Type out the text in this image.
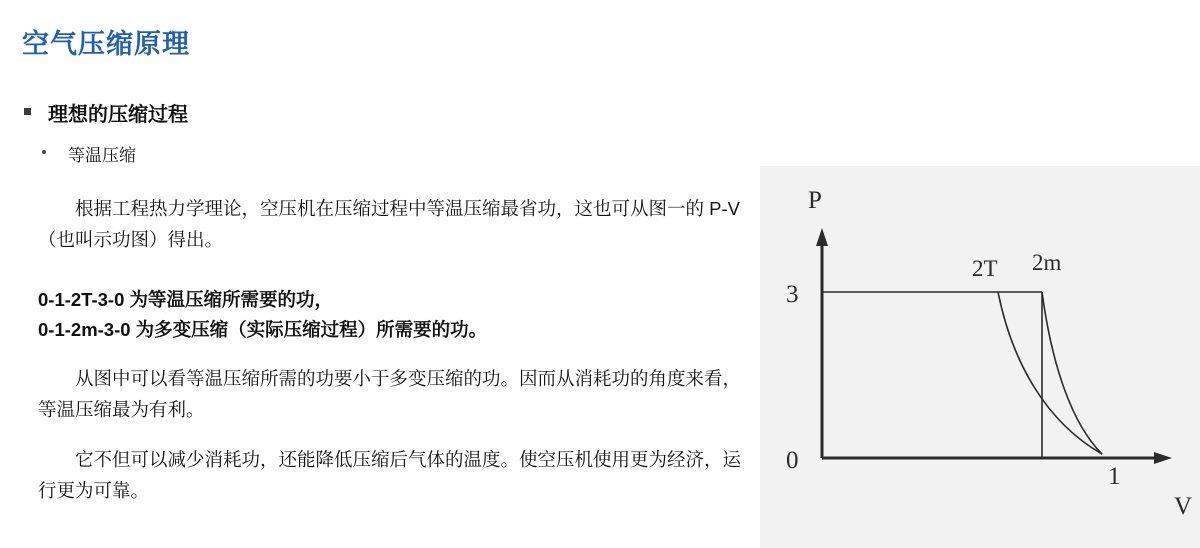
空气压缩原理
理想的压缩过程
等温压缩
根据工程热力学理论，空压机在压缩过程中等温压缩最省功，这也可从图一的 P-V（也叫示功图）得出。
0-1-2T-3-0 为等温压缩所需要的功，
0-1-2m-3-0 为多变压缩（实际压缩过程）所需要的功。
从图中可以看等温压缩所需的功要小于多变压缩的功。因而从消耗功的角度来看，等温压缩最为有利。
它不但可以减少消耗功，还能降低压缩后气体的温度。使空压机使用更为经济，运行更为可靠。
P
V
3
0
1
2T 2m
